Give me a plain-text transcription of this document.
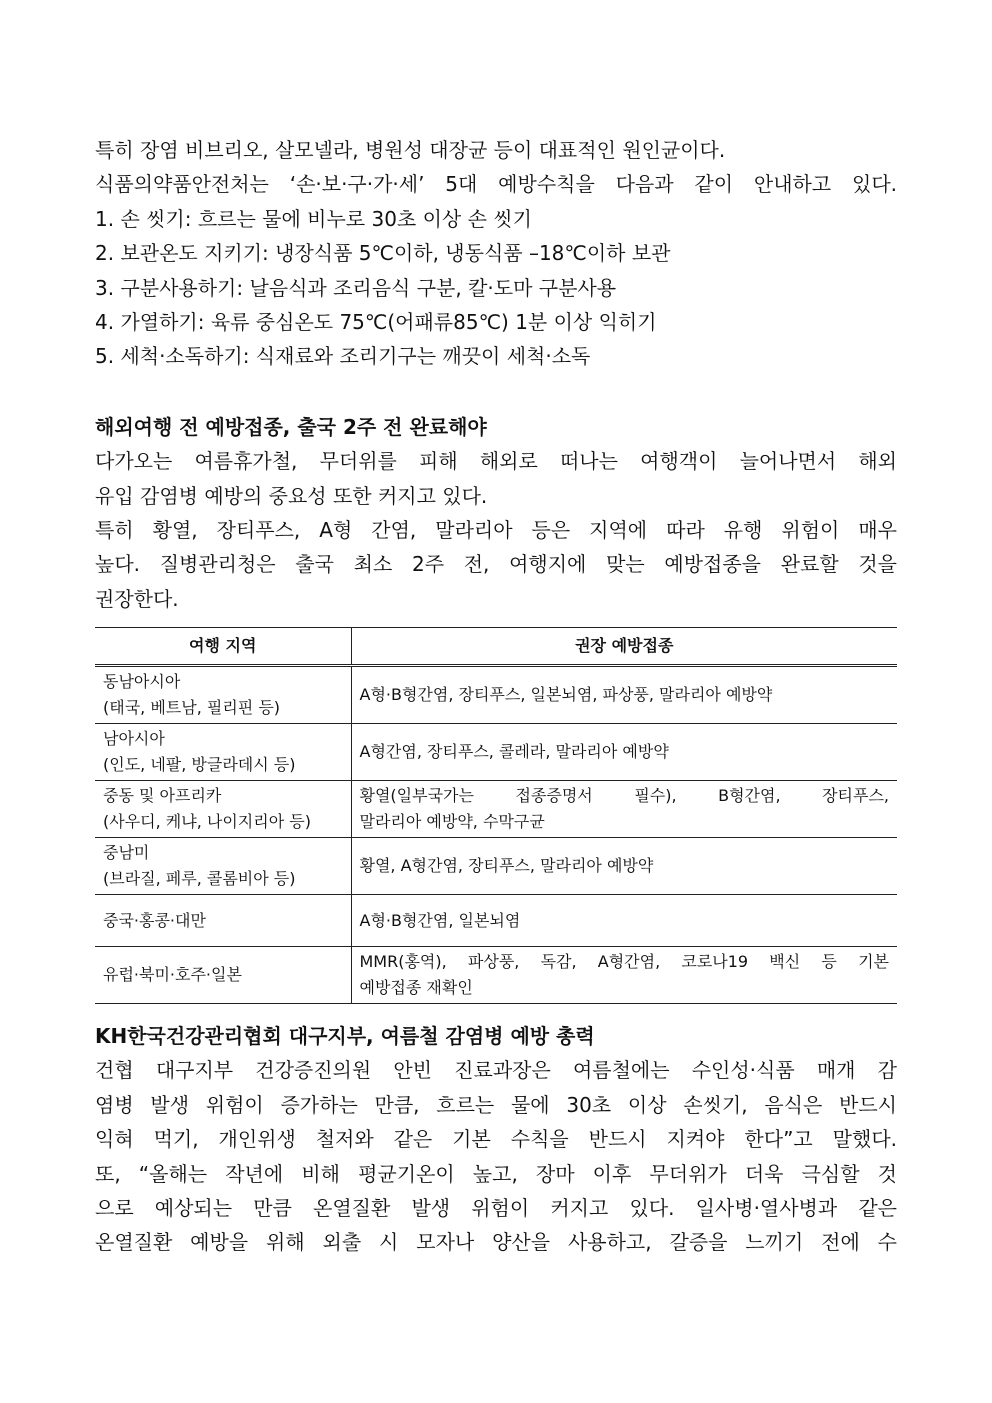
특히 장염 비브리오, 살모넬라, 병원성 대장균 등이 대표적인 원인균이다.

식품의약품안전처는 ‘손·보·구·가·세’ 5대 예방수칙을 다음과 같이 안내하고 있다.

1. 손 씻기: 흐르는 물에 비누로 30초 이상 손 씻기

2. 보관온도 지키기: 냉장식품 5℃이하, 냉동식품 –18℃이하 보관

3. 구분사용하기: 날음식과 조리음식 구분, 칼·도마 구분사용

4. 가열하기: 육류 중심온도 75℃(어패류85℃) 1분 이상 익히기

5. 세척·소독하기: 식재료와 조리기구는 깨끗이 세척·소독

해외여행 전 예방접종, 출국 2주 전 완료해야

다가오는 여름휴가철, 무더위를 피해 해외로 떠나는 여행객이 늘어나면서 해외

유입 감염병 예방의 중요성 또한 커지고 있다.

특히 황열, 장티푸스, A형 간염, 말라리아 등은 지역에 따라 유행 위험이 매우

높다. 질병관리청은 출국 최소 2주 전, 여행지에 맞는 예방접종을 완료할 것을

권장한다.

여행 지역	권장 예방접종

동남아시아
(태국, 베트남, 필리핀 등)	A형·B형간염, 장티푸스, 일본뇌염, 파상풍, 말라리아 예방약

남아시아
(인도, 네팔, 방글라데시 등)	A형간염, 장티푸스, 콜레라, 말라리아 예방약

중동 및 아프리카
(사우디, 케냐, 나이지리아 등)	황열(일부국가는 접종증명서 필수), B형간염, 장티푸스,
말라리아 예방약, 수막구균

중남미
(브라질, 페루, 콜롬비아 등)	황열, A형간염, 장티푸스, 말라리아 예방약

중국·홍콩·대만	A형·B형간염, 일본뇌염

유럽·북미·호주·일본	MMR(홍역), 파상풍, 독감, A형간염, 코로나19 백신 등 기본
예방접종 재확인
KH한국건강관리협회 대구지부, 여름철 감염병 예방 총력

건협 대구지부 건강증진의원 안빈 진료과장은 여름철에는 수인성·식품 매개 감

염병 발생 위험이 증가하는 만큼, 흐르는 물에 30초 이상 손씻기, 음식은 반드시

익혀 먹기, 개인위생 철저와 같은 기본 수칙을 반드시 지켜야 한다”고 말했다.

또, “올해는 작년에 비해 평균기온이 높고, 장마 이후 무더위가 더욱 극심할 것

으로 예상되는 만큼 온열질환 발생 위험이 커지고 있다. 일사병·열사병과 같은

온열질환 예방을 위해 외출 시 모자나 양산을 사용하고, 갈증을 느끼기 전에 수
